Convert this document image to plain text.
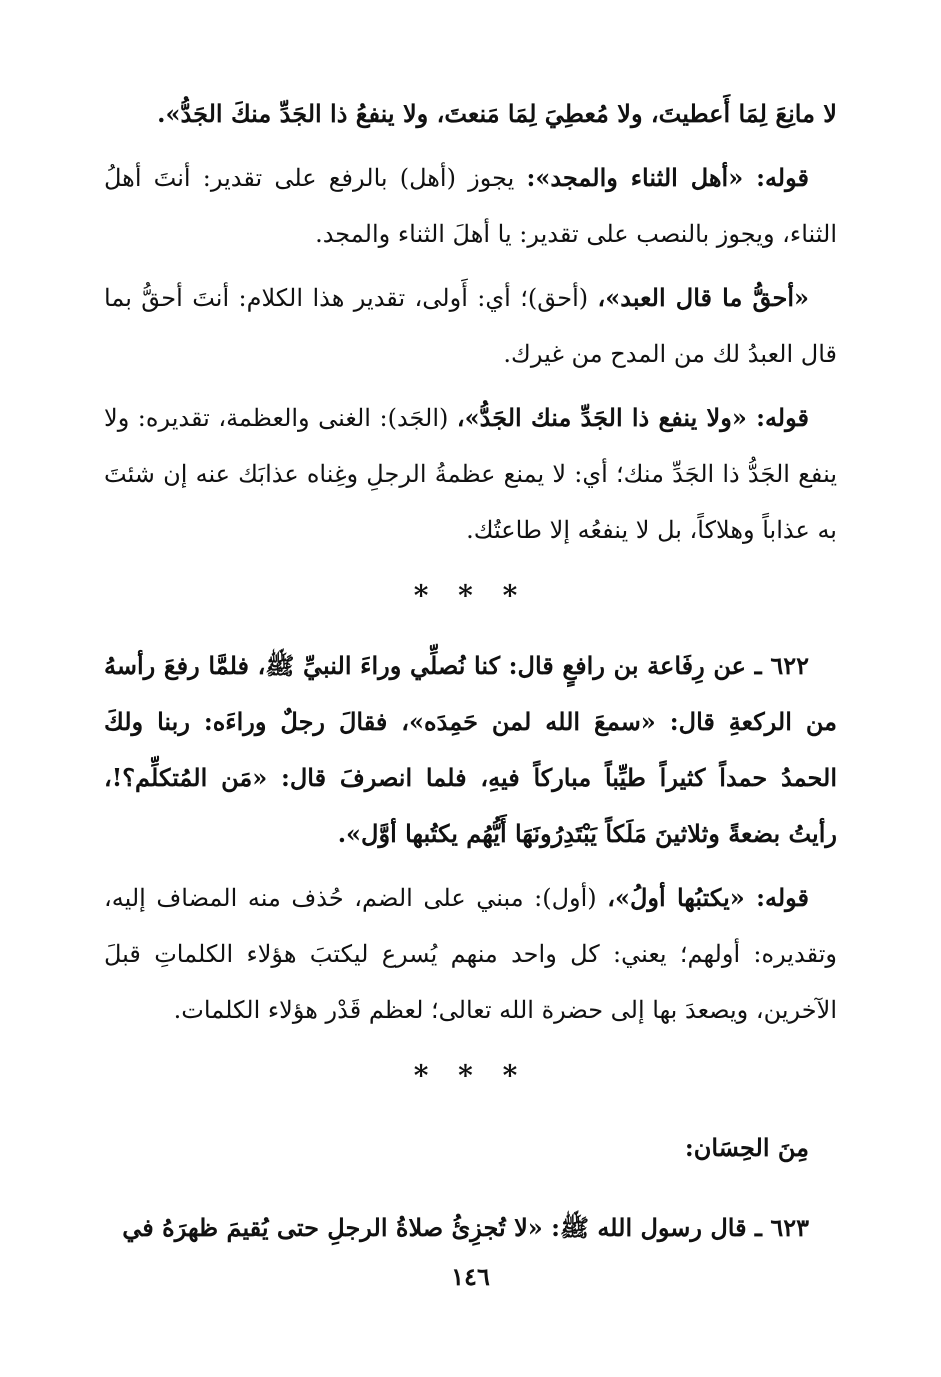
لا مانِعَ لِمَا أَعطيتَ، ولا مُعطِيَ لِمَا مَنعتَ، ولا ينفعُ ذا الجَدِّ منكَ الجَدُّ».

قوله: «أهل الثناء والمجد»: يجوز (أهل) بالرفع على تقدير: أنتَ أهلُ الثناء، ويجوز بالنصب على تقدير: يا أهلَ الثناء والمجد.

«أحقُّ ما قال العبد»، (أحق)؛ أي: أَولى، تقدير هذا الكلام: أنتَ أحقُّ بما قال العبدُ لك من المدح من غيرك.

قوله: «ولا ينفع ذا الجَدِّ منك الجَدُّ»، (الجَد): الغنى والعظمة، تقديره: ولا ينفع الجَدُّ ذا الجَدِّ منك؛ أي: لا يمنع عظمةُ الرجلِ وغِناه عذابَك عنه إن شئتَ به عذاباً وهلاكاً، بل لا ينفعُه إلا طاعتُك.

* * *

٦٢٢ ـ عن رِفَاعة بن رافعٍ قال: كنا نُصلِّي وراءَ النبيِّ ﷺ، فلمَّا رفعَ رأسهُ من الركعةِ قال: «سمعَ الله لمن حَمِدَه»، فقالَ رجلٌ وراءَه: ربنا ولكَ الحمدُ حمداً كثيراً طيِّباً مباركاً فيهِ، فلما انصرفَ قال: «مَن المُتكلِّم؟!، رأيتُ بضعةً وثلاثينَ مَلَكاً يَبْتَدِرُونَهَا أَيُّهُم يكتُبها أوَّل».

قوله: «يكتبُها أولُ»، (أول): مبني على الضم، حُذف منه المضاف إليه، وتقديره: أولهم؛ يعني: كل واحد منهم يُسرع ليكتبَ هؤلاء الكلماتِ قبلَ الآخرين، ويصعدَ بها إلى حضرة الله تعالى؛ لعظم قَدْر هؤلاء الكلمات.

* * *

مِنَ الحِسَان:

٦٢٣ ـ قال رسول الله ﷺ: «لا تُجزِئُ صلاةُ الرجلِ حتى يُقيمَ ظهرَهُ في

١٤٦
